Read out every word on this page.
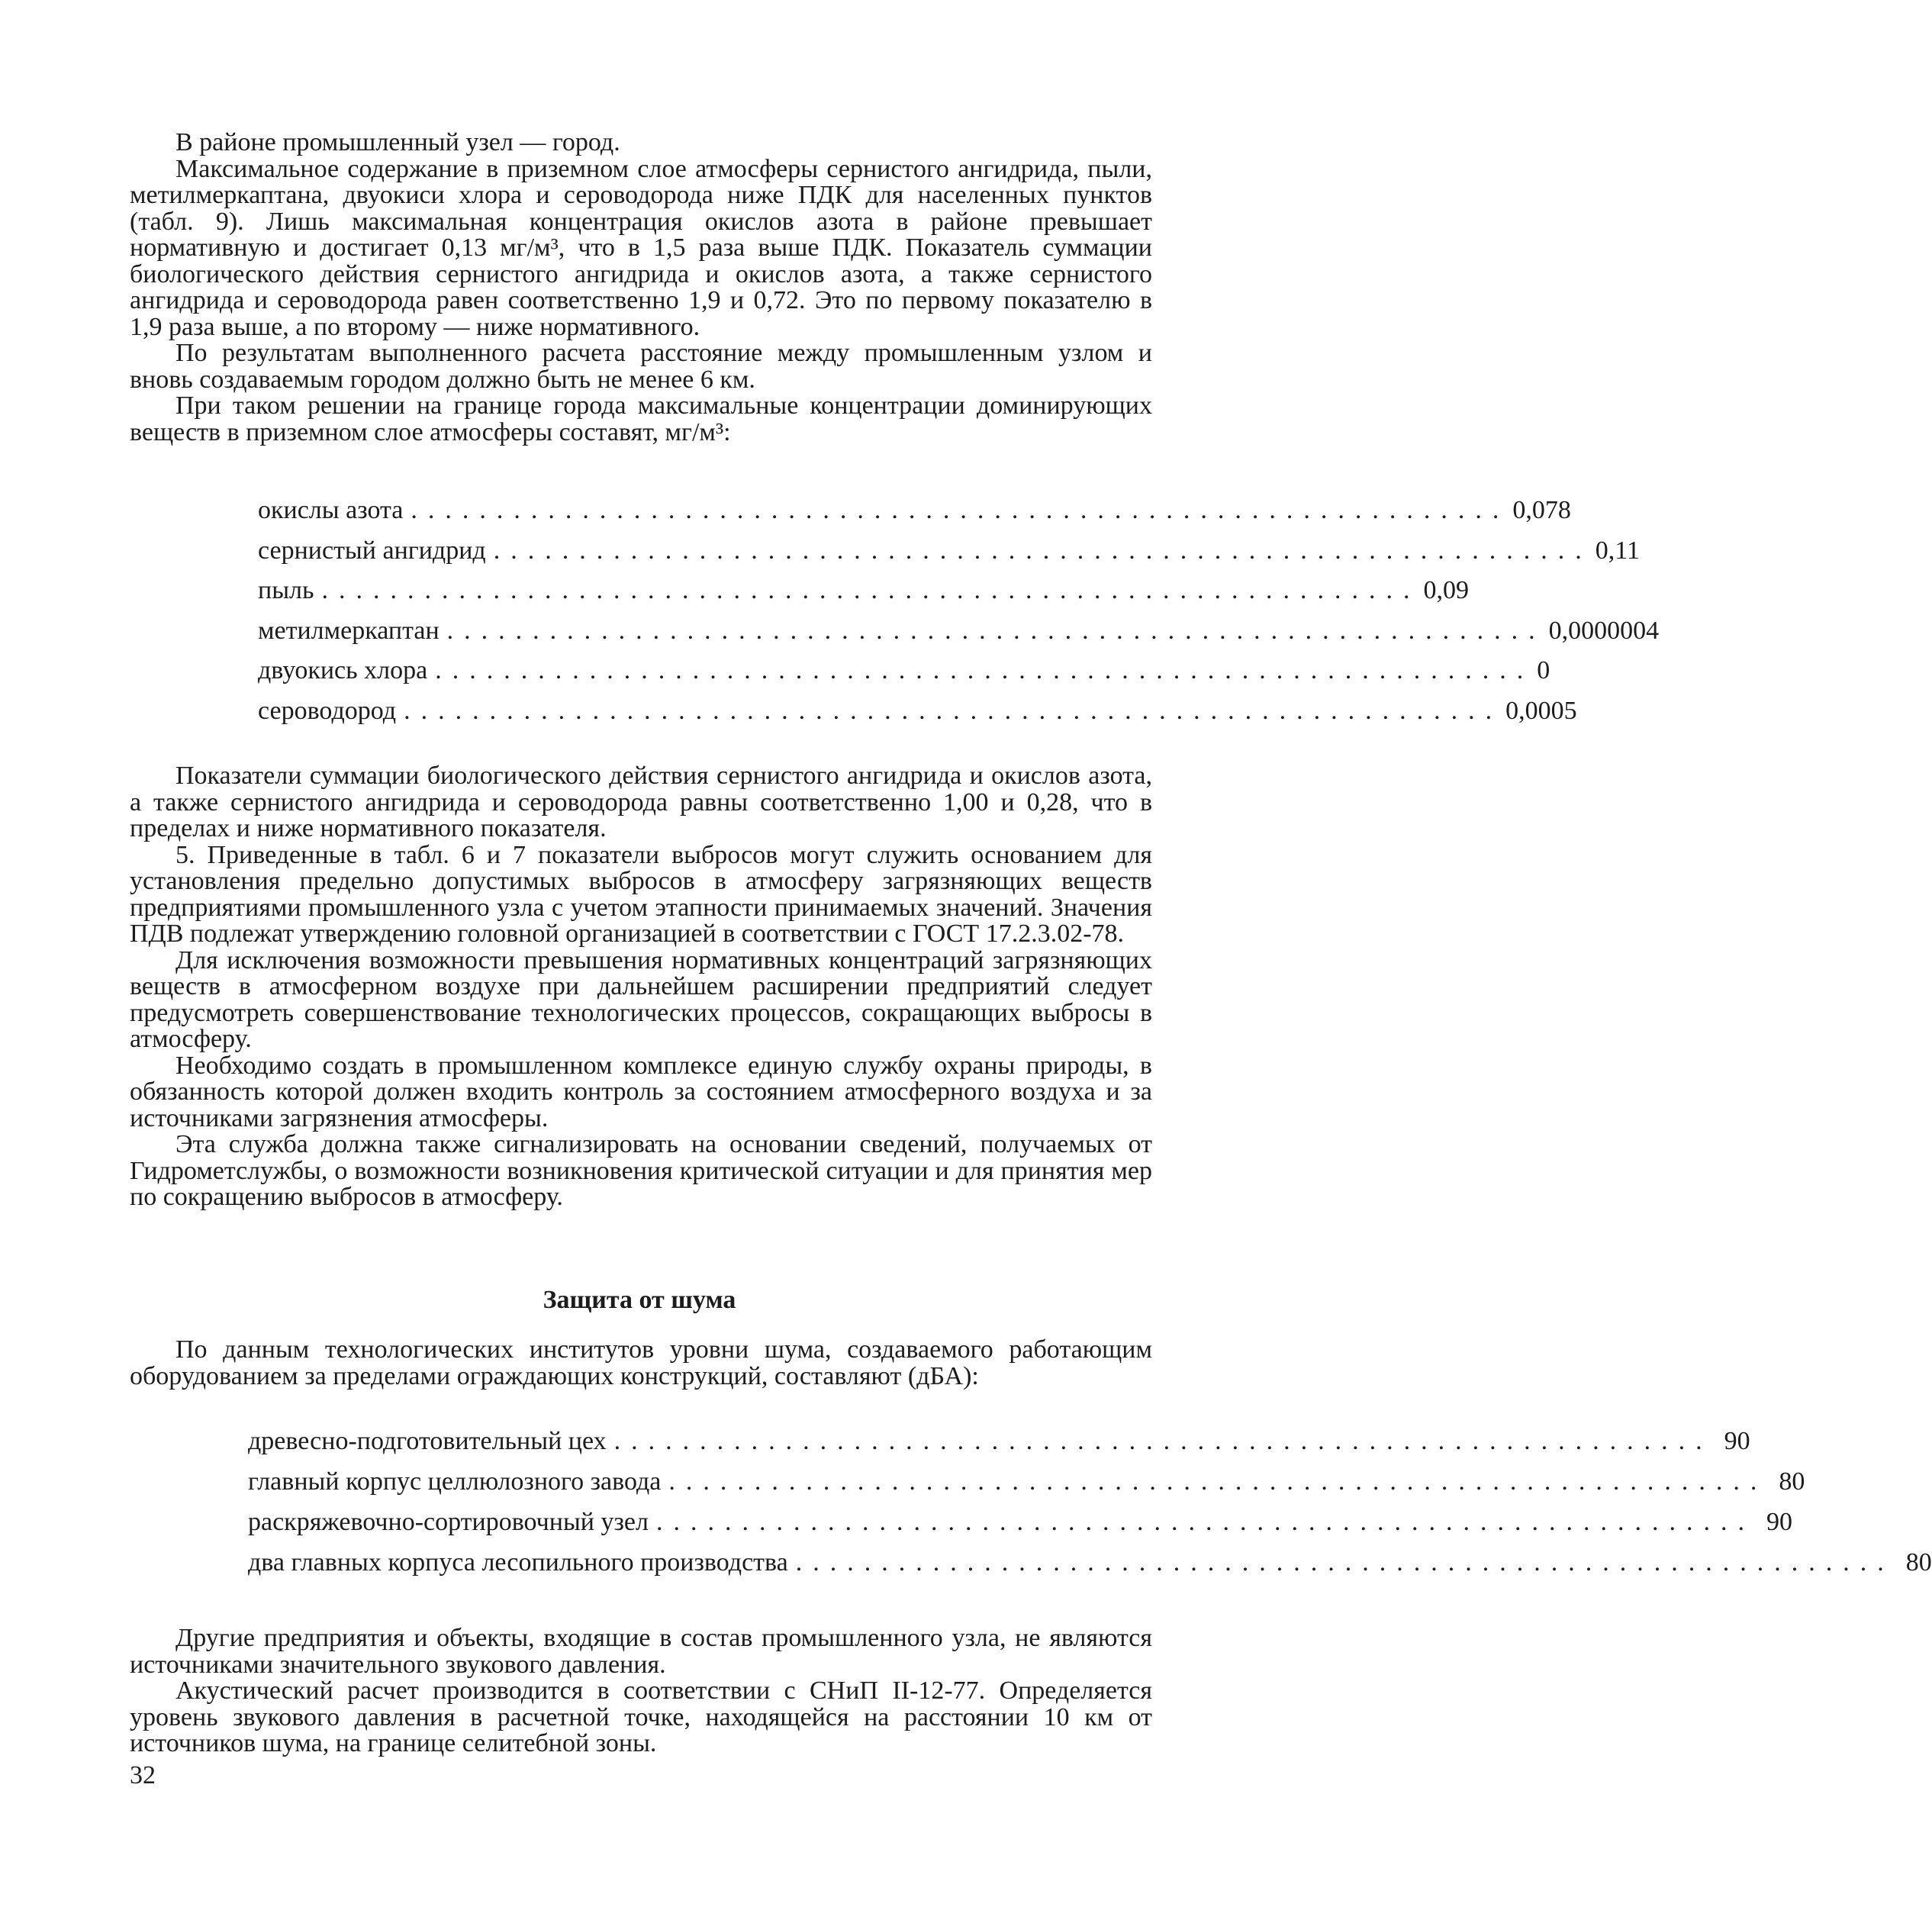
В районе промышленный узел — город.

Максимальное содержание в приземном слое атмосферы сернистого ангидрида, пыли, метилмеркаптана, двуокиси хлора и сероводорода ниже ПДК для населенных пунктов (табл. 9). Лишь максимальная концентрация окислов азота в районе превышает нормативную и достигает 0,13 мг/м³, что в 1,5 раза выше ПДК. Показатель суммации биологического действия сернистого ангидрида и окислов азота, а также сернистого ангидрида и сероводорода равен соответственно 1,9 и 0,72. Это по первому показателю в 1,9 раза выше, а по второму — ниже нормативного.

По результатам выполненного расчета расстояние между промышленным узлом и вновь создаваемым городом должно быть не менее 6 км.

При таком решении на границе города максимальные концентрации доминирующих веществ в приземном слое атмосферы составят, мг/м³:

окислы азота ................................................................ 0,078
сернистый ангидрид ................................................................ 0,11
пыль ................................................................ 0,09
метилмеркаптан ................................................................ 0,0000004
двуокись хлора ................................................................ 0
сероводород ................................................................ 0,0005

Показатели суммации биологического действия сернистого ангидрида и окислов азота, а также сернистого ангидрида и сероводорода равны соответственно 1,00 и 0,28, что в пределах и ниже нормативного показателя.

5. Приведенные в табл. 6 и 7 показатели выбросов могут служить основанием для установления предельно допустимых выбросов в атмосферу загрязняющих веществ предприятиями промышленного узла с учетом этапности принимаемых значений. Значения ПДВ подлежат утверждению головной организацией в соответствии с ГОСТ 17.2.3.02-78.

Для исключения возможности превышения нормативных концентраций загрязняющих веществ в атмосферном воздухе при дальнейшем расширении предприятий следует предусмотреть совершенствование технологических процессов, сокращающих выбросы в атмосферу.

Необходимо создать в промышленном комплексе единую службу охраны природы, в обязанность которой должен входить контроль за состоянием атмосферного воздуха и за источниками загрязнения атмосферы.

Эта служба должна также сигнализировать на основании сведений, получаемых от Гидрометслужбы, о возможности возникновения критической ситуации и для принятия мер по сокращению выбросов в атмосферу.

Защита от шума

По данным технологических институтов уровни шума, создаваемого работающим оборудованием за пределами ограждающих конструкций, составляют (дБА):

древесно-подготовительный цех ................................................................ 90
главный корпус целлюлозного завода ................................................................ 80
раскряжевочно-сортировочный узел ................................................................ 90
два главных корпуса лесопильного производства ................................................................ 80

Другие предприятия и объекты, входящие в состав промышленного узла, не являются источниками значительного звукового давления.

Акустический расчет производится в соответствии с СНиП II-12-77. Определяется уровень звукового давления в расчетной точке, находящейся на расстоянии 10 км от источников шума, на границе селитебной зоны.

32
